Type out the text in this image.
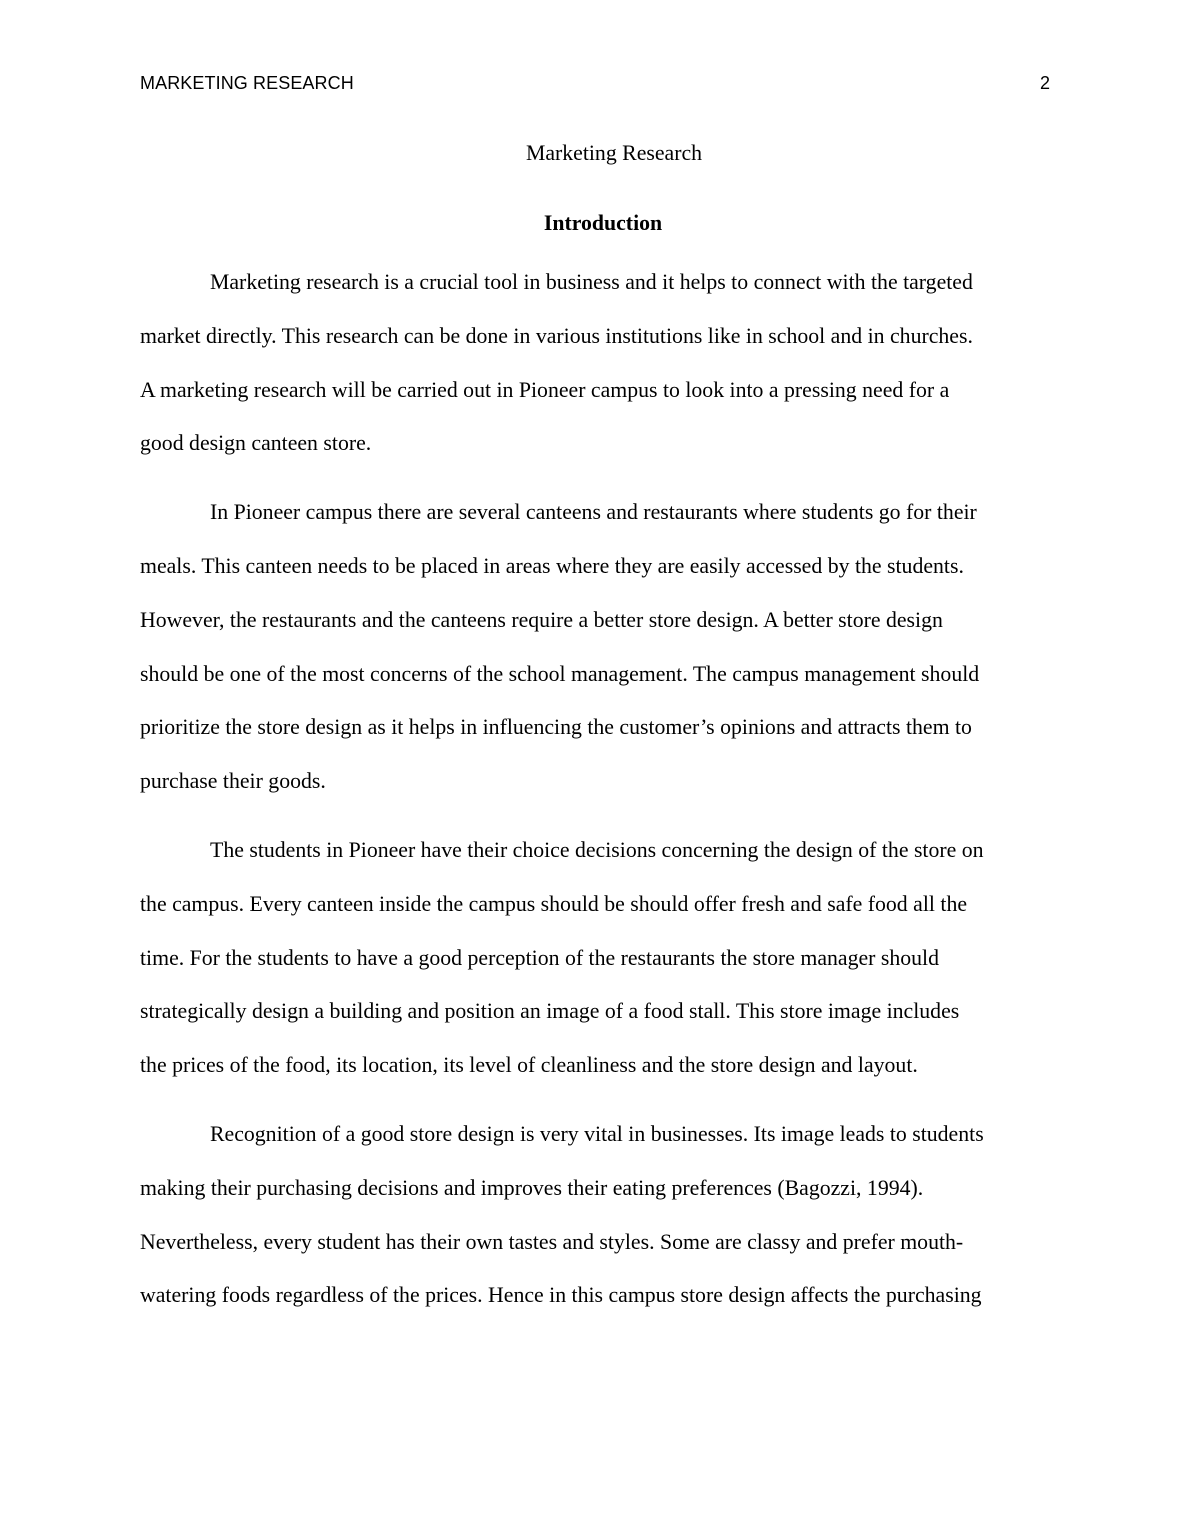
MARKETING RESEARCH	2
Marketing Research
Introduction

Marketing research is a crucial tool in business and it helps to connect with the targeted
market directly. This research can be done in various institutions like in school and in churches.
A marketing research will be carried out in Pioneer campus to look into a pressing need for a
good design canteen store.

In Pioneer campus there are several canteens and restaurants where students go for their
meals. This canteen needs to be placed in areas where they are easily accessed by the students.
However, the restaurants and the canteens require a better store design. A better store design
should be one of the most concerns of the school management. The campus management should
prioritize the store design as it helps in influencing the customer’s opinions and attracts them to
purchase their goods.

The students in Pioneer have their choice decisions concerning the design of the store on
the campus. Every canteen inside the campus should be should offer fresh and safe food all the
time. For the students to have a good perception of the restaurants the store manager should
strategically design a building and position an image of a food stall. This store image includes
the prices of the food, its location, its level of cleanliness and the store design and layout.

Recognition of a good store design is very vital in businesses. Its image leads to students
making their purchasing decisions and improves their eating preferences (Bagozzi, 1994).
Nevertheless, every student has their own tastes and styles. Some are classy and prefer mouth-
watering foods regardless of the prices. Hence in this campus store design affects the purchasing
